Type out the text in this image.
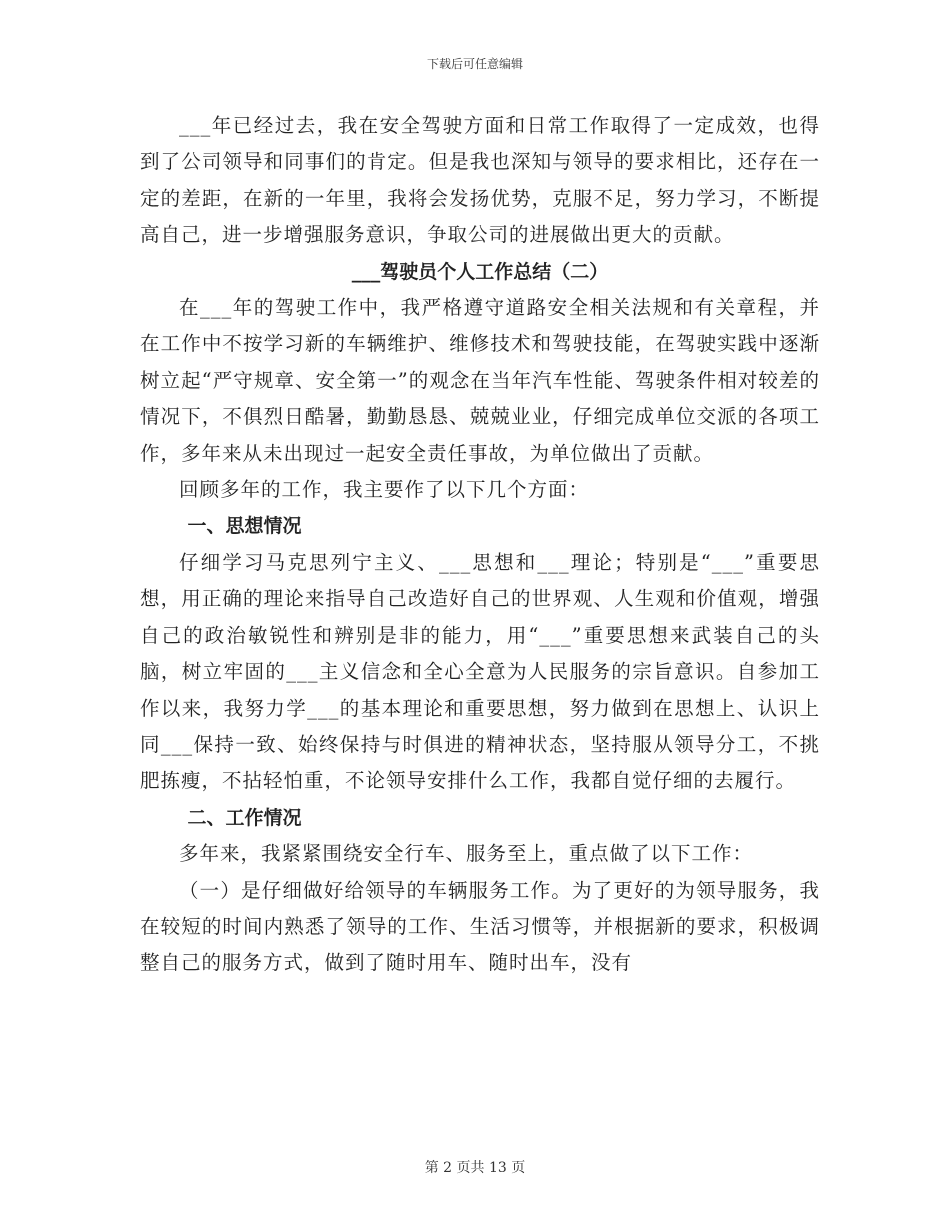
下载后可任意编辑

___年已经过去，我在安全驾驶方面和日常工作取得了一定成效，也得到了公司领导和同事们的肯定。但是我也深知与领导的要求相比，还存在一定的差距，在新的一年里，我将会发扬优势，克服不足，努力学习，不断提高自己，进一步增强服务意识，争取公司的进展做出更大的贡献。

___驾驶员个人工作总结（二）

在___年的驾驶工作中，我严格遵守道路安全相关法规和有关章程，并在工作中不按学习新的车辆维护、维修技术和驾驶技能，在驾驶实践中逐渐树立起“严守规章、安全第一”的观念在当年汽车性能、驾驶条件相对较差的情况下，不俱烈日酷暑，勤勤恳恳、兢兢业业，仔细完成单位交派的各项工作，多年来从未出现过一起安全责任事故，为单位做出了贡献。

回顾多年的工作，我主要作了以下几个方面：

一、思想情况

仔细学习马克思列宁主义、___思想和___理论；特别是“___”重要思想，用正确的理论来指导自己改造好自己的世界观、人生观和价值观，增强自己的政治敏锐性和辨别是非的能力，用“___”重要思想来武装自己的头脑，树立牢固的___主义信念和全心全意为人民服务的宗旨意识。自参加工作以来，我努力学___的基本理论和重要思想，努力做到在思想上、认识上同___保持一致、始终保持与时俱进的精神状态，坚持服从领导分工，不挑肥拣瘦，不拈轻怕重，不论领导安排什么工作，我都自觉仔细的去履行。

二、工作情况

多年来，我紧紧围绕安全行车、服务至上，重点做了以下工作：

（一）是仔细做好给领导的车辆服务工作。为了更好的为领导服务，我在较短的时间内熟悉了领导的工作、生活习惯等，并根据新的要求，积极调整自己的服务方式，做到了随时用车、随时出车，没有

第 2 页共 13 页
